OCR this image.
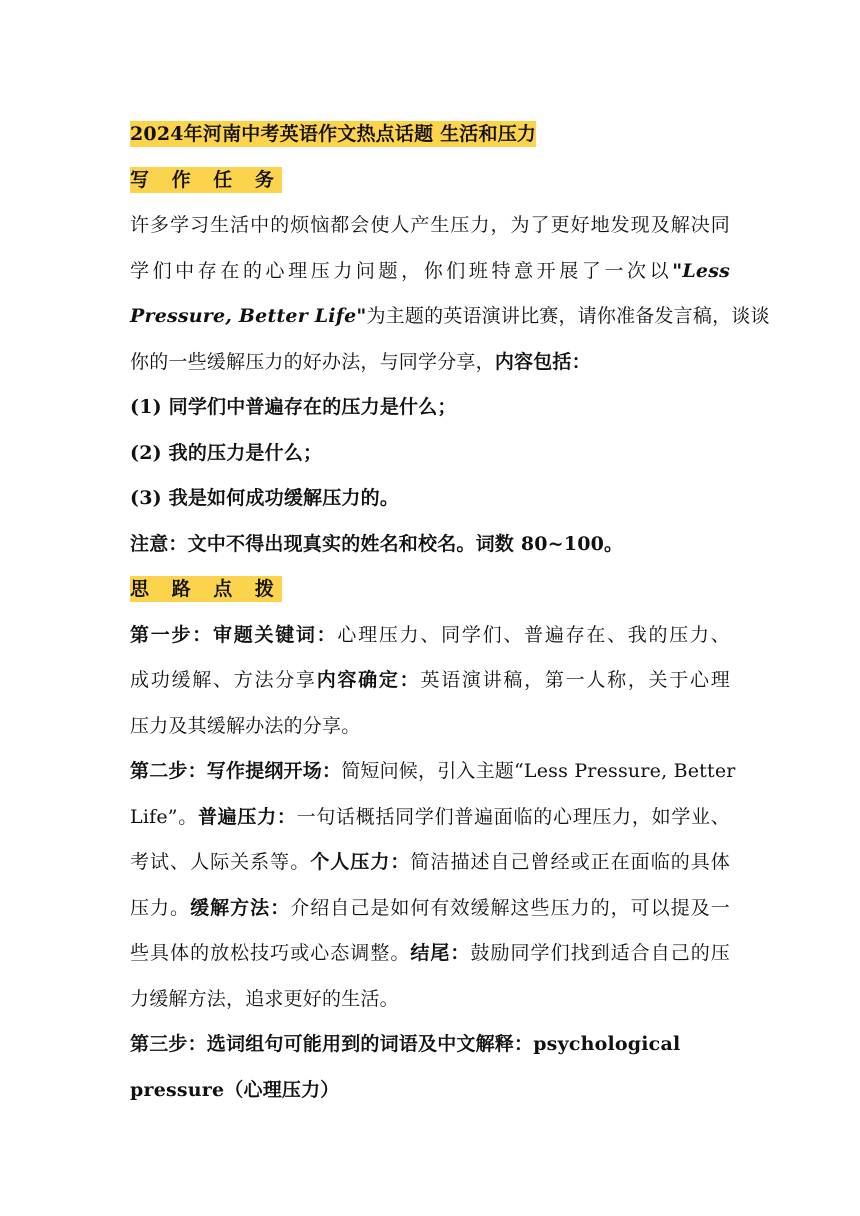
2024年河南中考英语作文热点话题 生活和压力
写 作 任 务
许多学习生活中的烦恼都会使人产生压力，为了更好地发现及解决同
学们中存在的心理压力问题，你们班特意开展了一次以"Less
Pressure, Better Life"为主题的英语演讲比赛，请你准备发言稿，谈谈
你的一些缓解压力的好办法，与同学分享，内容包括：
(1) 同学们中普遍存在的压力是什么；
(2) 我的压力是什么；
(3) 我是如何成功缓解压力的。
注意：文中不得出现真实的姓名和校名。词数 80~100。
思 路 点 拨
第一步：审题关键词：心理压力、同学们、普遍存在、我的压力、
成功缓解、方法分享内容确定：英语演讲稿，第一人称，关于心理
压力及其缓解办法的分享。
第二步：写作提纲开场：简短问候，引入主题“Less Pressure, Better
Life”。普遍压力：一句话概括同学们普遍面临的心理压力，如学业、
考试、人际关系等。个人压力：简洁描述自己曾经或正在面临的具体
压力。缓解方法：介绍自己是如何有效缓解这些压力的，可以提及一
些具体的放松技巧或心态调整。结尾：鼓励同学们找到适合自己的压
力缓解方法，追求更好的生活。
第三步：选词组句可能用到的词语及中文解释：psychological
pressure（心理压力）
